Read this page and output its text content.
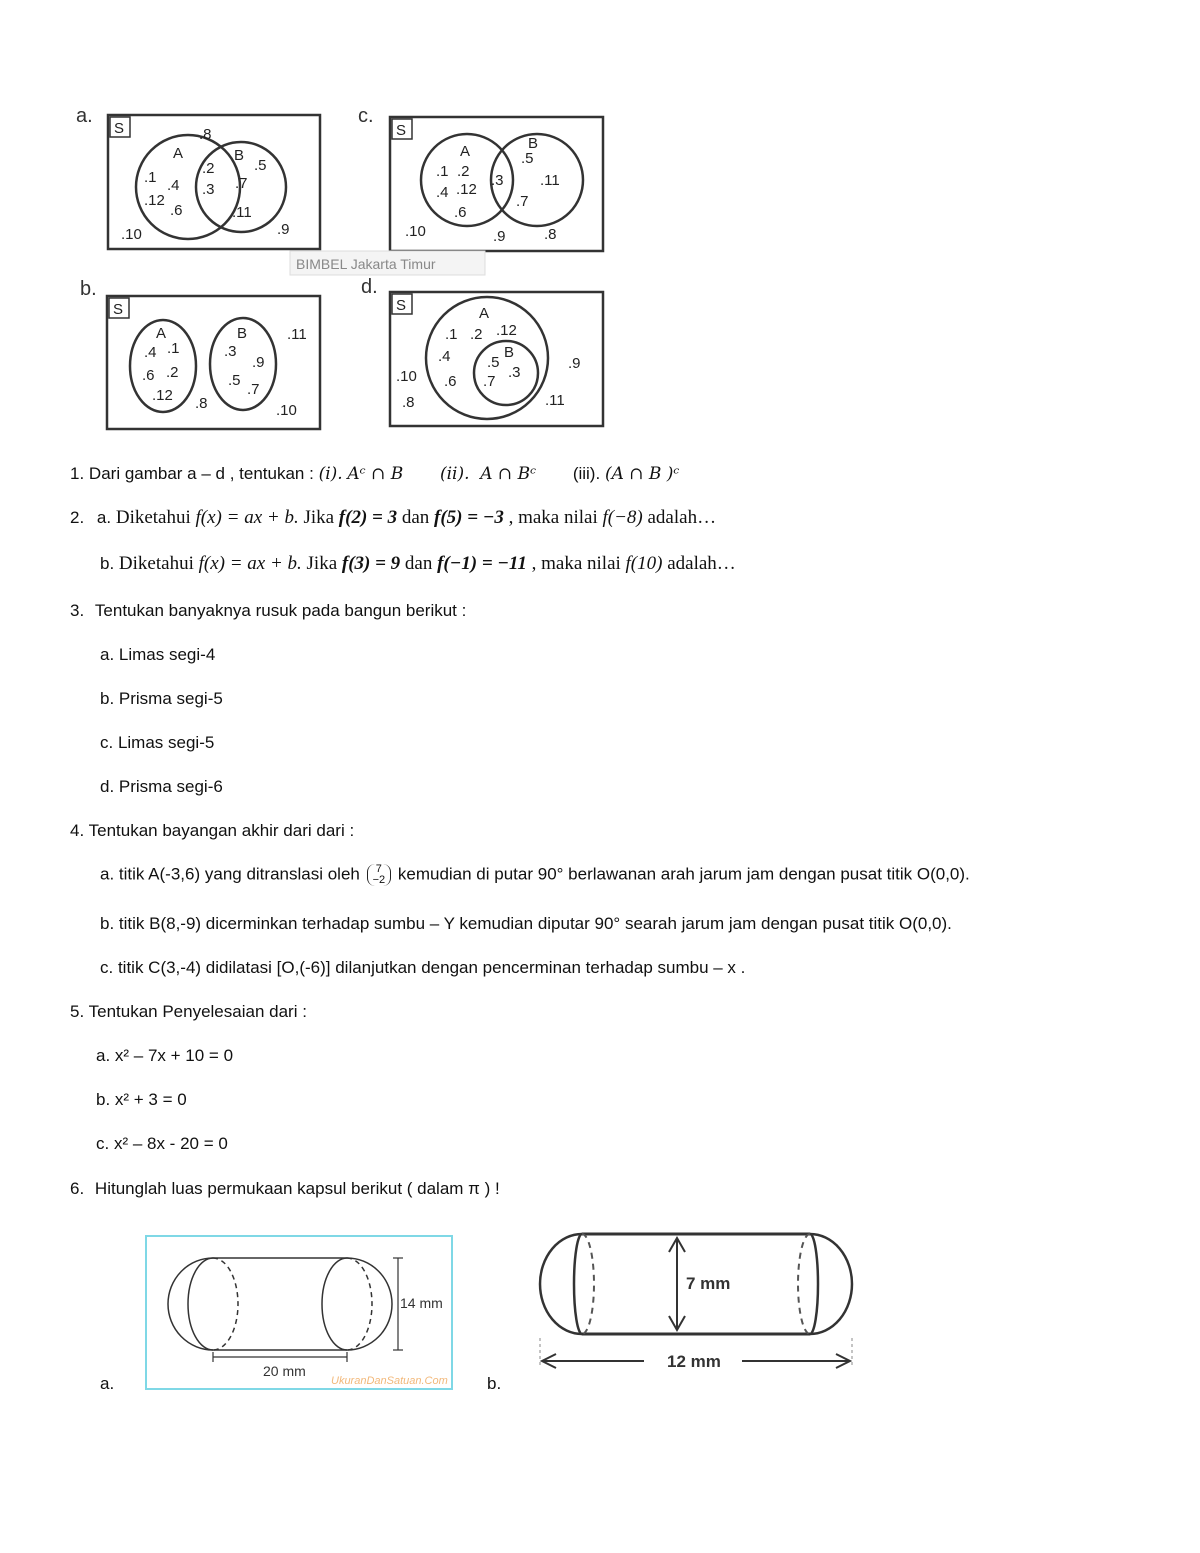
a.
S
A	B
.1 .4
.12
.6
.2
.3
.5
.7
.11
.8
.10	.9
c.
S
A	B
.1 .2
.4 .12
.6
.3
.5
.11
.7
.10	.9	.8
BIMBEL Jakarta Timur
b.
S
A	B
.4 .1
.6 .2
.12
.3
.9
.5
.7
.11
.8	.10
d.
S	A
B
.1 .2 .12
.4
.6
.5
.3
.7
.9
.10
.8	.11
1. Dari gambar a – d , tentukan : (i). Aᶜ ∩ B (ii). A ∩ Bᶜ (iii). (A ∩ B )ᶜ
2. a. Diketahui f(x) = ax + b. Jika f(2) = 3 dan f(5) = −3 , maka nilai f(−8) adalah…
b. Diketahui f(x) = ax + b. Jika f(3) = 9 dan f(−1) = −11 , maka nilai f(10) adalah…
3. Tentukan banyaknya rusuk pada bangun berikut :
a. Limas segi-4
b. Prisma segi-5
c. Limas segi-5
d. Prisma segi-6
4. Tentukan bayangan akhir dari dari :
a. titik A(-3,6) yang ditranslasi oleh 7
−2 kemudian di putar 90° berlawanan arah jarum jam dengan pusat titik O(0,0).
b. titik B(8,-9) dicerminkan terhadap sumbu – Y kemudian diputar 90° searah jarum jam dengan pusat titik O(0,0).
c. titik C(3,-4) didilatasi [O,(-6)] dilanjutkan dengan pencerminan terhadap sumbu – x .
5. Tentukan Penyelesaian dari :
a. x² – 7x + 10 = 0
b. x² + 3 = 0
c. x² – 8x - 20 = 0
6. Hitunglah luas permukaan kapsul berikut ( dalam π ) !
a.	b.
14 mm
20 mm
UkuranDanSatuan.Com
7 mm
12 mm
